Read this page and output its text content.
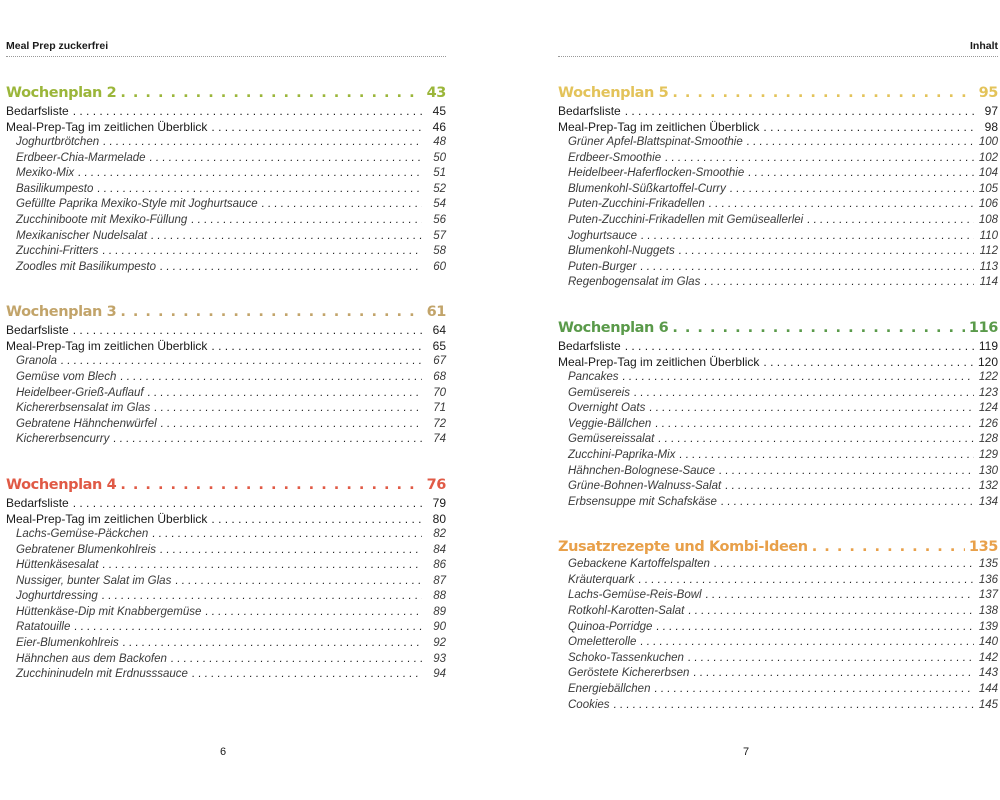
Meal Prep zuckerfrei
Wochenplan 2 . . .	43
Bedarfsliste . . .	45
Meal-Prep-Tag im zeitlichen Überblick . . .	46
Joghurtbrötchen . . .	48
Erdbeer-Chia-Marmelade . . .	50
Mexiko-Mix . . .	51
Basilikumpesto . . .	52
Gefüllte Paprika Mexiko-Style mit Joghurtsauce . . .	54
Zucchiniboote mit Mexiko-Füllung . . .	56
Mexikanischer Nudelsalat . . .	57
Zucchini-Fritters . . .	58
Zoodles mit Basilikumpesto . . .	60
Wochenplan 3 . . .	61
Bedarfsliste . . .	64
Meal-Prep-Tag im zeitlichen Überblick . . .	65
Granola . . .	67
Gemüse vom Blech . . .	68
Heidelbeer-Grieß-Auflauf . . .	70
Kichererbsensalat im Glas . . .	71
Gebratene Hähnchenwürfel . . .	72
Kichererbsencurry . . .	74
Wochenplan 4 . . .	76
Bedarfsliste . . .	79
Meal-Prep-Tag im zeitlichen Überblick . . .	80
Lachs-Gemüse-Päckchen . . .	82
Gebratener Blumenkohlreis . . .	84
Hüttenkäsesalat . . .	86
Nussiger, bunter Salat im Glas . . .	87
Joghurtdressing . . .	88
Hüttenkäse-Dip mit Knabbergemüse . . .	89
Ratatouille . . .	90
Eier-Blumenkohlreis . . .	92
Hähnchen aus dem Backofen . . .	93
Zucchininudeln mit Erdnusssauce . . .	94
6
Inhalt
Wochenplan 5 . . .	95
Bedarfsliste . . .	97
Meal-Prep-Tag im zeitlichen Überblick . . .	98
Grüner Apfel-Blattspinat-Smoothie . . .	100
Erdbeer-Smoothie . . .	102
Heidelbeer-Haferflocken-Smoothie . . .	104
Blumenkohl-Süßkartoffel-Curry . . .	105
Puten-Zucchini-Frikadellen . . .	106
Puten-Zucchini-Frikadellen mit Gemüseallerlei . . .	108
Joghurtsauce . . .	110
Blumenkohl-Nuggets . . .	112
Puten-Burger . . .	113
Regenbogensalat im Glas . . .	114
Wochenplan 6 . . .	116
Bedarfsliste . . .	119
Meal-Prep-Tag im zeitlichen Überblick . . .	120
Pancakes . . .	122
Gemüsereis . . .	123
Overnight Oats . . .	124
Veggie-Bällchen . . .	126
Gemüsereissalat . . .	128
Zucchini-Paprika-Mix . . .	129
Hähnchen-Bolognese-Sauce . . .	130
Grüne-Bohnen-Walnuss-Salat . . .	132
Erbsensuppe mit Schafskäse . . .	134
Zusatzrezepte und Kombi-Ideen . . .	135
Gebackene Kartoffelspalten . . .	135
Kräuterquark . . .	136
Lachs-Gemüse-Reis-Bowl . . .	137
Rotkohl-Karotten-Salat . . .	138
Quinoa-Porridge . . .	139
Omeletterolle . . .	140
Schoko-Tassenkuchen . . .	142
Geröstete Kichererbsen . . .	143
Energiebällchen . . .	144
Cookies . . .	145
7
